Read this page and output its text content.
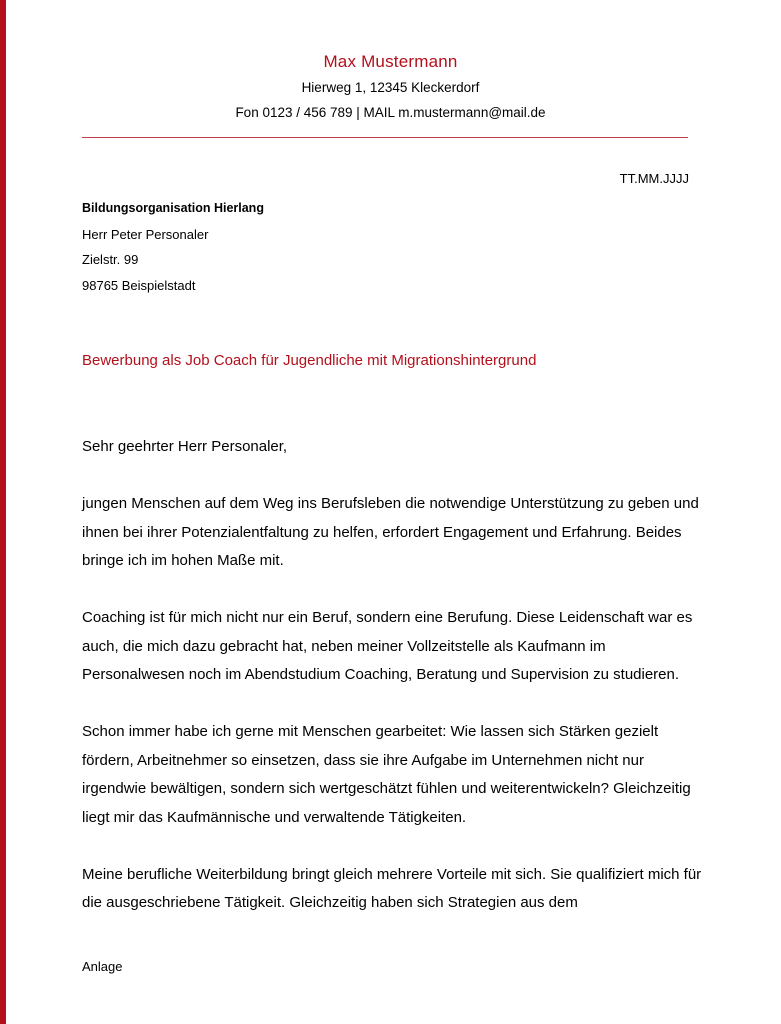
Max Mustermann
Hierweg 1, 12345 Kleckerdorf
Fon 0123 / 456 789 | MAIL m.mustermann@mail.de
TT.MM.JJJJ
Bildungsorganisation Hierlang
Herr Peter Personaler
Zielstr. 99
98765 Beispielstadt
Bewerbung als Job Coach für Jugendliche mit Migrationshintergrund

Sehr geehrter Herr Personaler,

jungen Menschen auf dem Weg ins Berufsleben die notwendige Unterstützung zu geben und ihnen bei ihrer Potenzialentfaltung zu helfen, erfordert Engagement und Erfahrung. Beides bringe ich im hohen Maße mit.

Coaching ist für mich nicht nur ein Beruf, sondern eine Berufung. Diese Leidenschaft war es auch, die mich dazu gebracht hat, neben meiner Vollzeitstelle als Kaufmann im Personalwesen noch im Abendstudium Coaching, Beratung und Supervision zu studieren.

Schon immer habe ich gerne mit Menschen gearbeitet: Wie lassen sich Stärken gezielt fördern, Arbeitnehmer so einsetzen, dass sie ihre Aufgabe im Unternehmen nicht nur irgendwie bewältigen, sondern sich wertgeschätzt fühlen und weiterentwickeln? Gleichzeitig liegt mir das Kaufmännische und verwaltende Tätigkeiten.

Meine berufliche Weiterbildung bringt gleich mehrere Vorteile mit sich. Sie qualifiziert mich für die ausgeschriebene Tätigkeit. Gleichzeitig haben sich Strategien aus dem

Anlage
